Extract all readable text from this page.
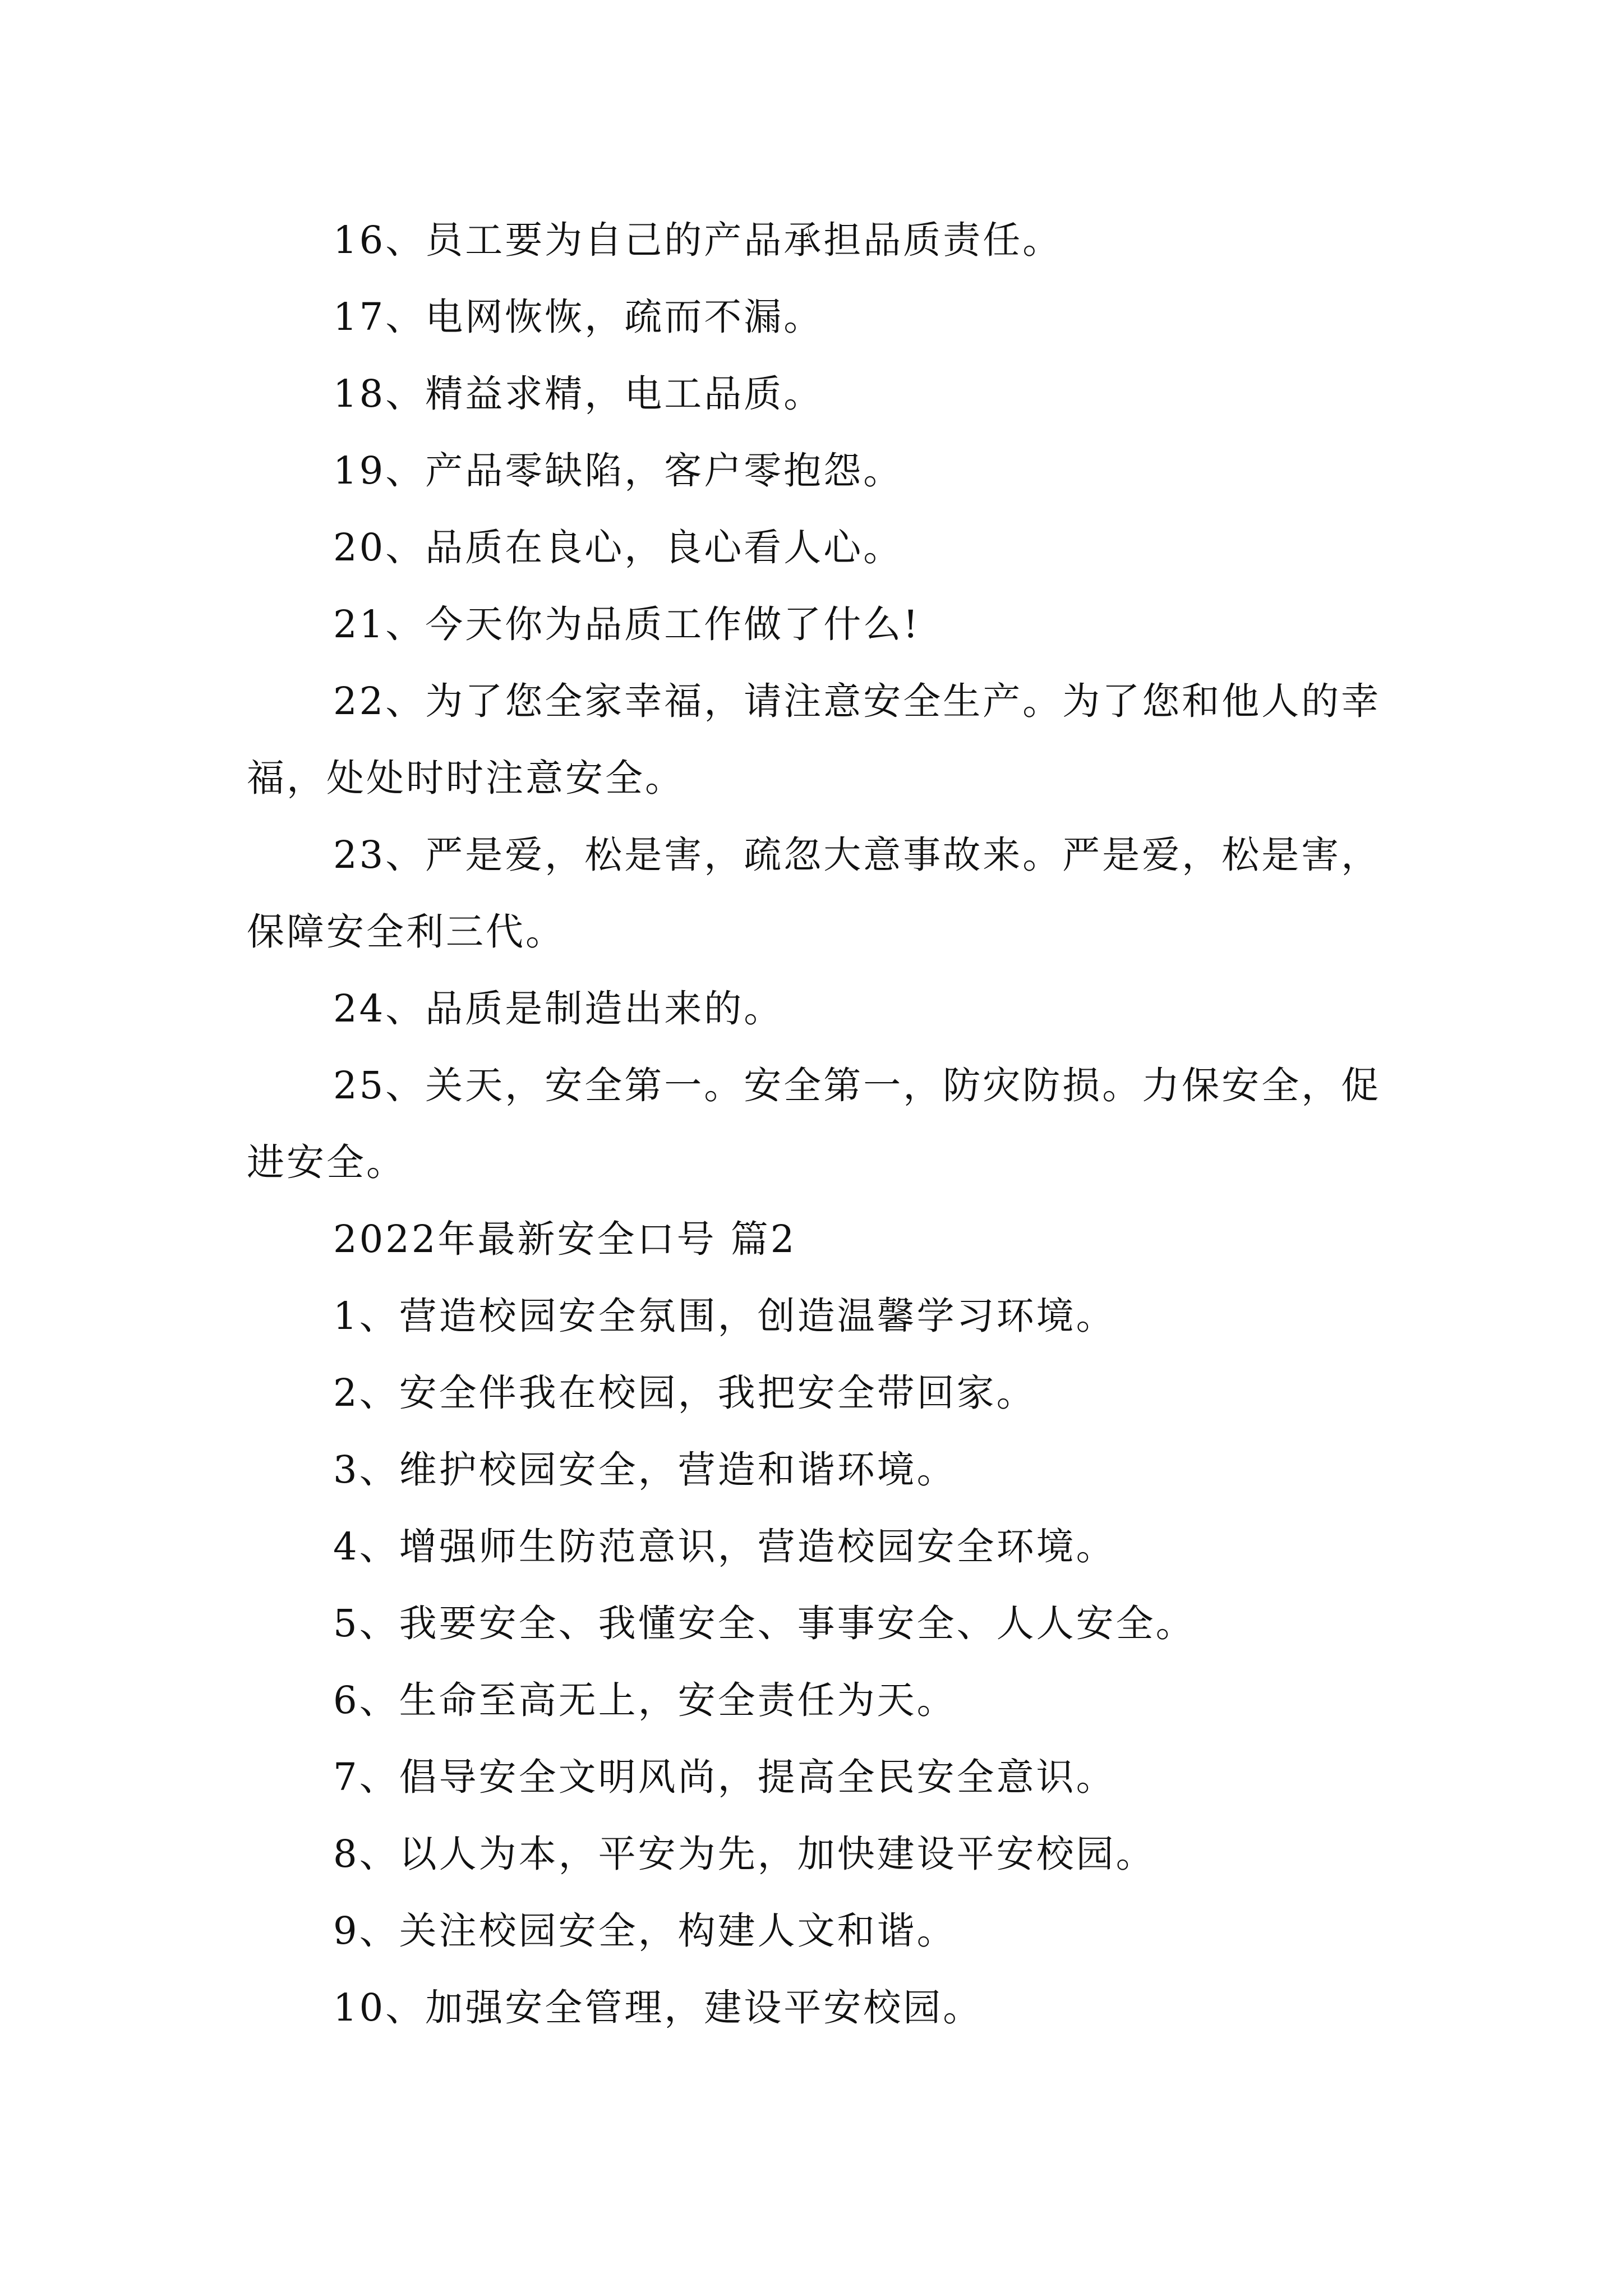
16、员工要为自己的产品承担品质责任。

17、电网恢恢，疏而不漏。

18、精益求精，电工品质。

19、产品零缺陷，客户零抱怨。

20、品质在良心，良心看人心。

21、今天你为品质工作做了什么!

22、为了您全家幸福，请注意安全生产。为了您和他人的幸福，处处时时注意安全。

23、严是爱，松是害，疏忽大意事故来。严是爱，松是害，保障安全利三代。

24、品质是制造出来的。

25、关天，安全第一。安全第一，防灾防损。力保安全，促进安全。

2022年最新安全口号 篇2

1、营造校园安全氛围，创造温馨学习环境。

2、安全伴我在校园，我把安全带回家。

3、维护校园安全，营造和谐环境。

4、增强师生防范意识，营造校园安全环境。

5、我要安全、我懂安全、事事安全、人人安全。

6、生命至高无上，安全责任为天。

7、倡导安全文明风尚，提高全民安全意识。

8、以人为本，平安为先，加快建设平安校园。

9、关注校园安全，构建人文和谐。

10、加强安全管理，建设平安校园。
